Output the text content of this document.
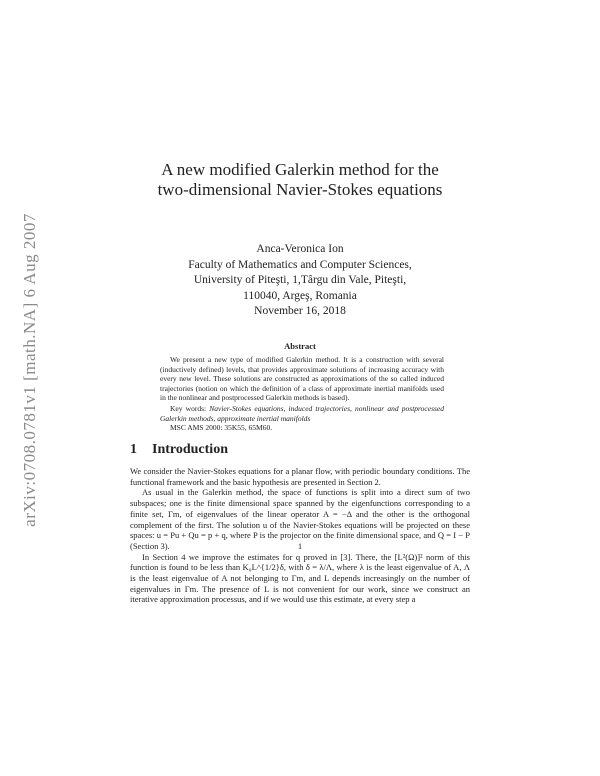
arXiv:0708.0781v1 [math.NA] 6 Aug 2007
A new modified Galerkin method for the
two-dimensional Navier-Stokes equations
Anca-Veronica Ion
Faculty of Mathematics and Computer Sciences,
University of Piteşti, 1,Târgu din Vale, Piteşti,
110040, Argeş, Romania
November 16, 2018
Abstract

We present a new type of modified Galerkin method. It is a construction with several (inductively defined) levels, that provides approximate solutions of increasing accuracy with every new level. These solutions are constructed as approximations of the so called induced trajectories (notion on which the definition of a class of approximate inertial manifolds used in the nonlinear and postprocessed Galerkin methods is based).

Key words: Navier-Stokes equations, induced trajectories, nonlinear and postprocessed Galerkin methods, approximate inertial manifolds

MSC AMS 2000: 35K55, 65M60.

1 Introduction

We consider the Navier-Stokes equations for a planar flow, with periodic boundary conditions. The functional framework and the basic hypothesis are presented in Section 2.

As usual in the Galerkin method, the space of functions is split into a direct sum of two subspaces; one is the finite dimensional space spanned by the eigenfunctions corresponding to a finite set, Γm, of eigenvalues of the linear operator A = −Δ and the other is the orthogonal complement of the first. The solution u of the Navier-Stokes equations will be projected on these spaces: u = Pu + Qu = p + q, where P is the projector on the finite dimensional space, and Q = I − P (Section 3).

In Section 4 we improve the estimates for q proved in [3]. There, the [L²(Ω)]² norm of this function is found to be less than K₀L^{1/2}δ, with δ = λ/Λ, where λ is the least eigenvalue of A, Λ is the least eigenvalue of A not belonging to Γm, and L depends increasingly on the number of eigenvalues in Γm. The presence of L is not convenient for our work, since we construct an iterative approximation processus, and if we would use this estimate, at every step a

1
